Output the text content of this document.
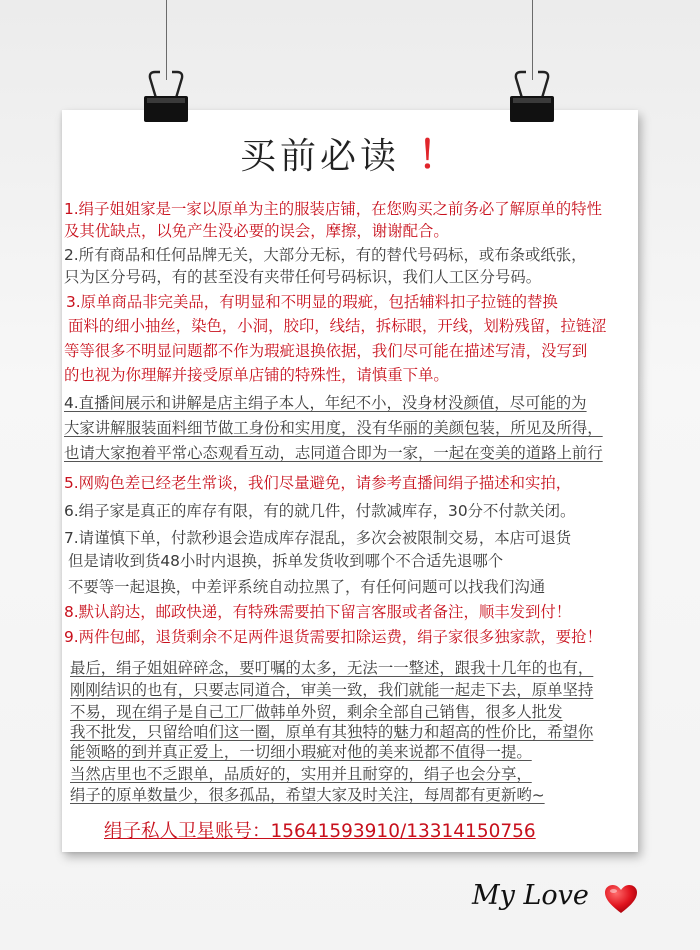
买前必读 ！
1.绢子姐姐家是一家以原单为主的服装店铺，在您购买之前务必了解原单的特性
及其优缺点，以免产生没必要的误会，摩擦，谢谢配合。
2.所有商品和任何品牌无关，大部分无标，有的替代号码标，或布条或纸张，
只为区分号码，有的甚至没有夹带任何号码标识，我们人工区分号码。
3.原单商品非完美品，有明显和不明显的瑕疵，包括辅料扣子拉链的替换
面料的细小抽丝，染色，小洞，胶印，线结，拆标眼，开线，划粉残留，拉链涩
等等很多不明显问题都不作为瑕疵退换依据，我们尽可能在描述写清，没写到
的也视为你理解并接受原单店铺的特殊性，请慎重下单。
4.直播间展示和讲解是店主绢子本人，年纪不小，没身材没颜值，尽可能的为
大家讲解服装面料细节做工身份和实用度，没有华丽的美颜包装，所见及所得，
也请大家抱着平常心态观看互动，志同道合即为一家，一起在变美的道路上前行
5.网购色差已经老生常谈，我们尽量避免，请参考直播间绢子描述和实拍，
6.绢子家是真正的库存有限，有的就几件，付款减库存，30分不付款关闭。
7.请谨慎下单，付款秒退会造成库存混乱，多次会被限制交易，本店可退货
但是请收到货48小时内退换，拆单发货收到哪个不合适先退哪个
不要等一起退换，中差评系统自动拉黑了，有任何问题可以找我们沟通
8.默认韵达，邮政快递，有特殊需要拍下留言客服或者备注，顺丰发到付！
9.两件包邮，退货剩余不足两件退货需要扣除运费，绢子家很多独家款，要抢！
最后，绢子姐姐碎碎念，要叮嘱的太多，无法一一整述，跟我十几年的也有，
刚刚结识的也有，只要志同道合，审美一致，我们就能一起走下去，原单坚持
不易，现在绢子是自己工厂做韩单外贸，剩余全部自己销售，很多人批发
我不批发，只留给咱们这一圈，原单有其独特的魅力和超高的性价比，希望你
能领略的到并真正爱上，一切细小瑕疵对他的美来说都不值得一提。
当然店里也不乏跟单，品质好的，实用并且耐穿的，绢子也会分享，
绢子的原单数量少，很多孤品，希望大家及时关注，每周都有更新哟~
绢子私人卫星账号：15641593910/13314150756
My Love
